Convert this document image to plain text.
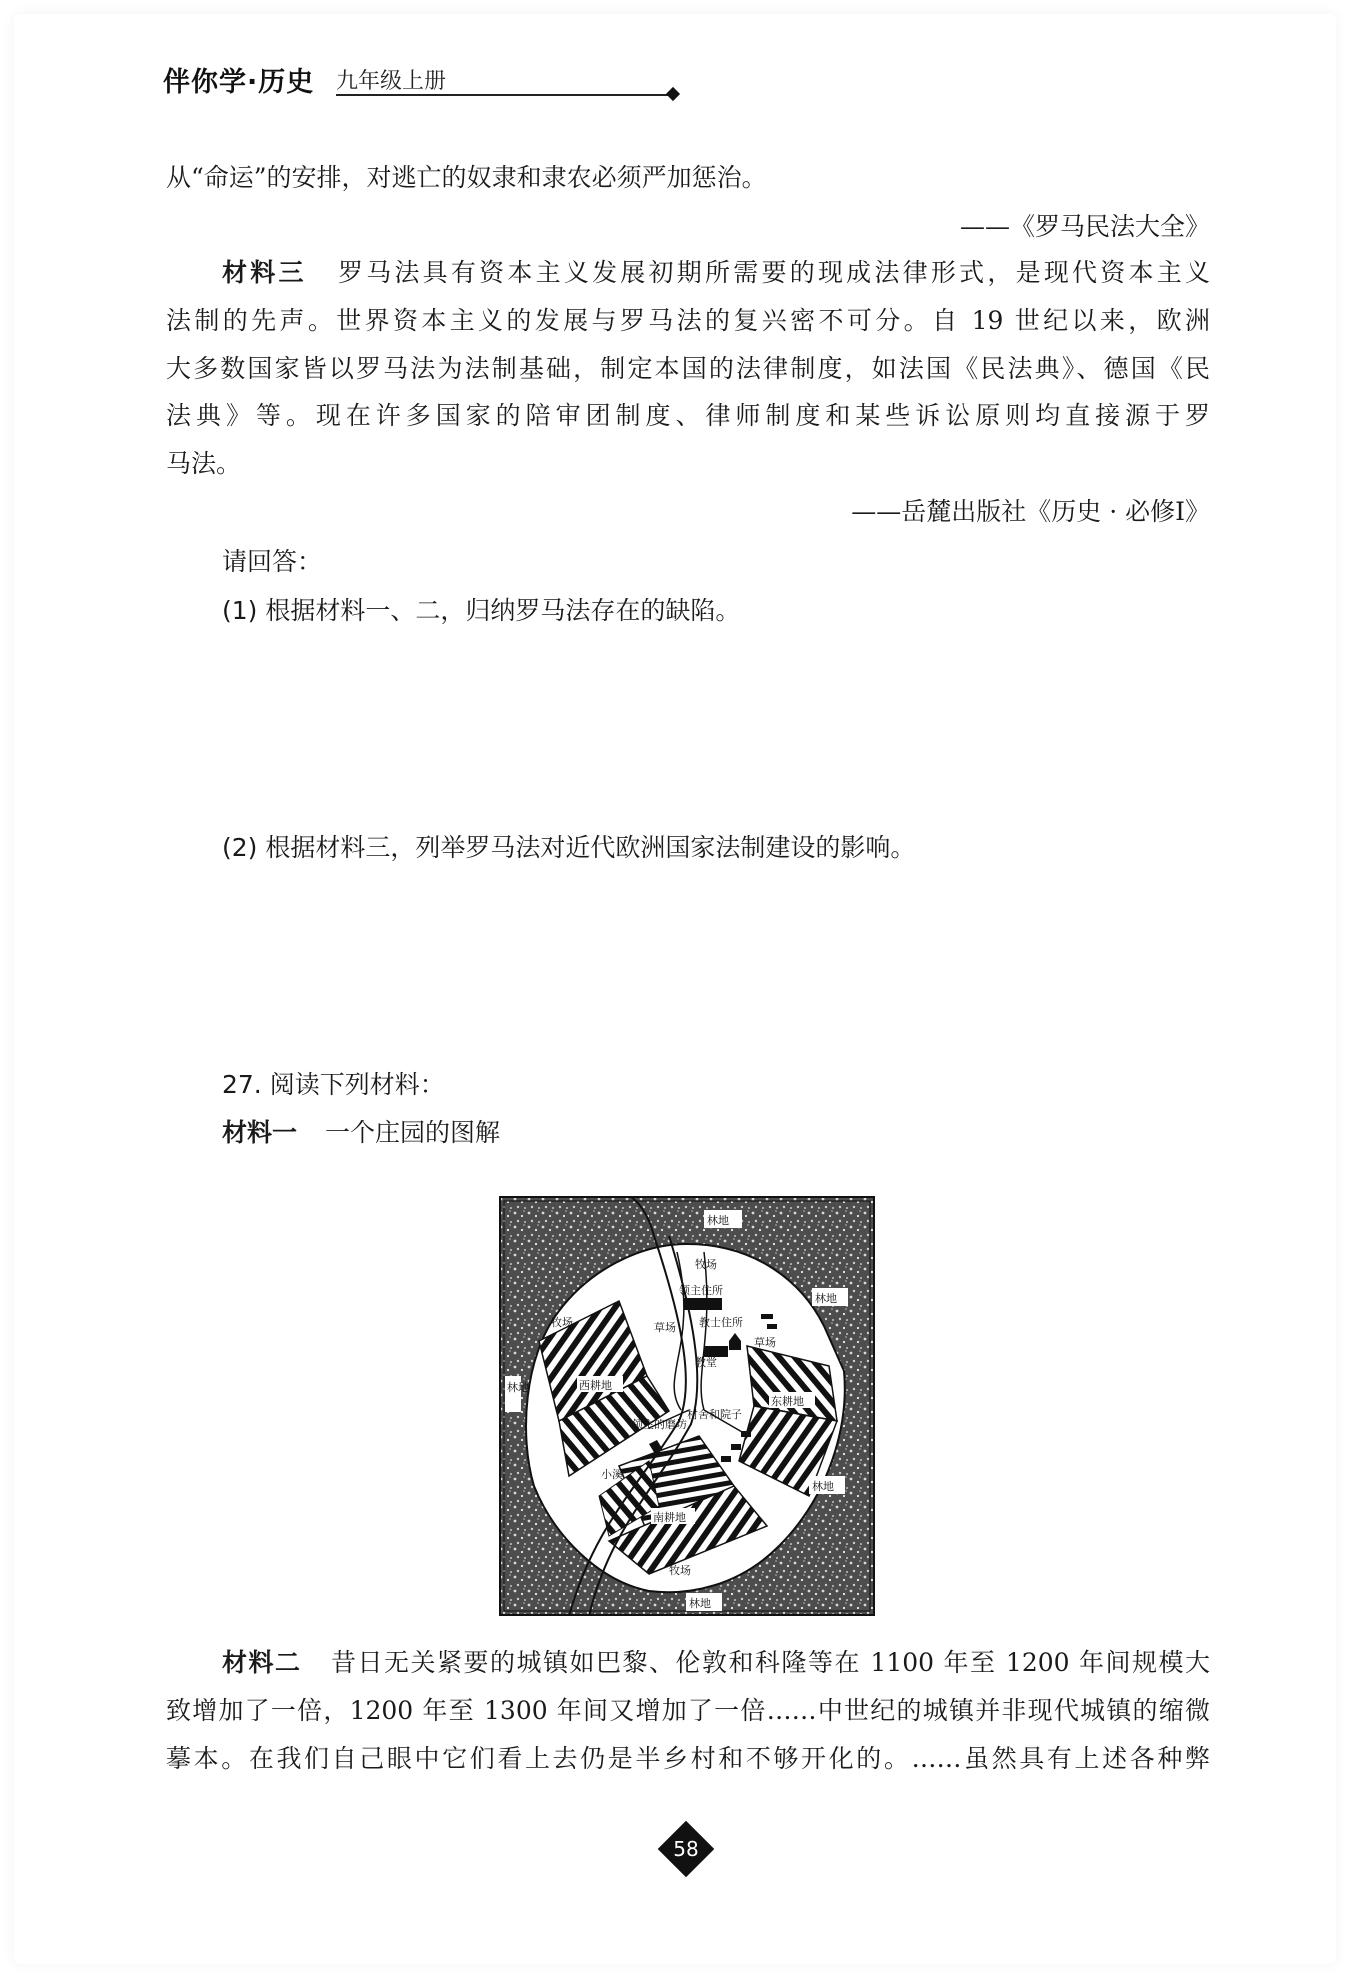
伴你学·历史 九年级上册
从“命运”的安排，对逃亡的奴隶和隶农必须严加惩治。
——《罗马民法大全》
材料三 罗马法具有资本主义发展初期所需要的现成法律形式，是现代资本主义
法制的先声。世界资本主义的发展与罗马法的复兴密不可分。自 19 世纪以来，欧洲
大多数国家皆以罗马法为法制基础，制定本国的法律制度，如法国《民法典》、德国《民
法典》等。现在许多国家的陪审团制度、律师制度和某些诉讼原则均直接源于罗
马法。
——岳麓出版社《历史 · 必修Ⅰ》
请回答：
(1) 根据材料一、二，归纳罗马法存在的缺陷。
(2) 根据材料三，列举罗马法对近代欧洲国家法制建设的影响。
27. 阅读下列材料：
材料一 一个庄园的图解
林地
牧场
领主住所
林地
牧场	草场 教士住所
草场
教堂
西耕地
东耕地
林地
领主的磨坊
村舍和院子
小溪
林地
南耕地
牧场
林地
材料二 昔日无关紧要的城镇如巴黎、伦敦和科隆等在 1100 年至 1200 年间规模大
致增加了一倍，1200 年至 1300 年间又增加了一倍……中世纪的城镇并非现代城镇的缩微
摹本。在我们自己眼中它们看上去仍是半乡村和不够开化的。……虽然具有上述各种弊
58
